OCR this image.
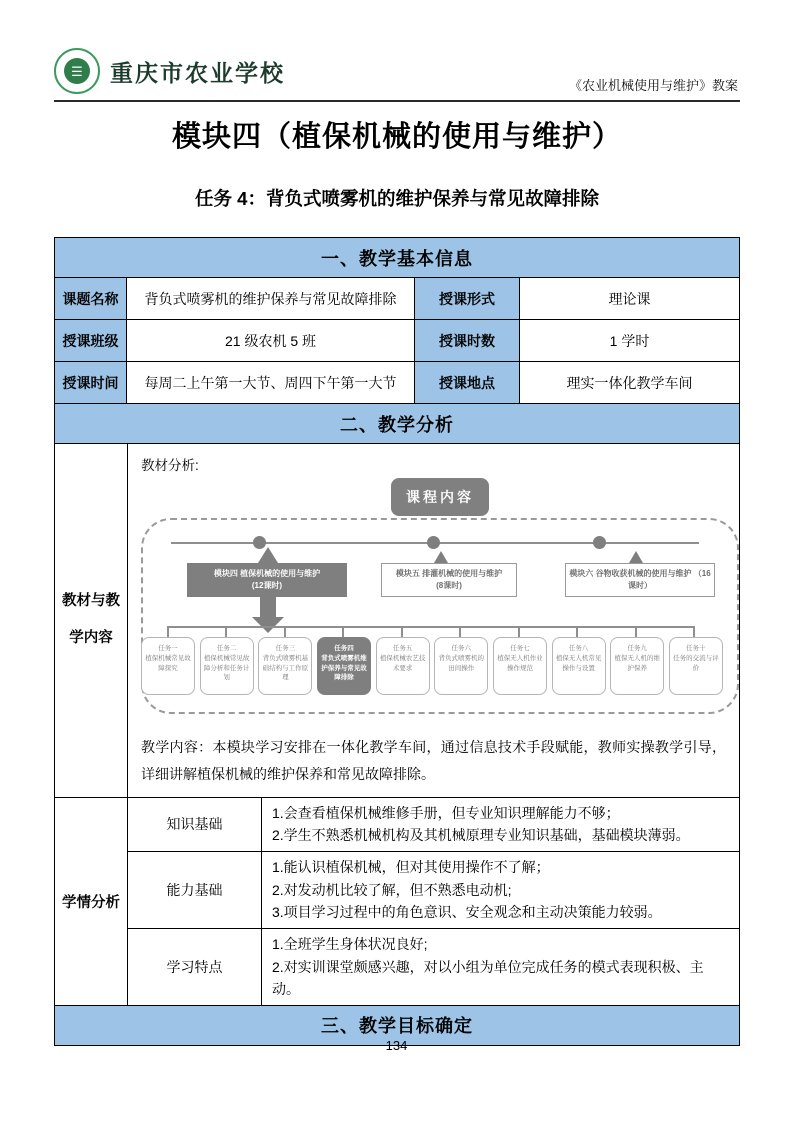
☰	重庆市农业学校	《农业机械使用与维护》教案
模块四（植保机械的使用与维护）
任务 4：背负式喷雾机的维护保养与常见故障排除
一、教学基本信息			
课题名称	背负式喷雾机的维护保养与常见故障排除	授课形式	理论课
授课班级	21 级农机 5 班	授课时数	1 学时
授课时间	每周二上午第一大节、周四下午第一大节	授课地点	理实一体化教学车间
二、教学分析

教材与教
学内容

教材分析:
课程内容
模块四 植保机械的使用与维护
(12课时)
模块五 排灌机械的使用与维护
(8课时)
模块六 谷物收获机械的使用与维护 （16课时）
任务一
植保机械常见故障探究
任务二
植保机械常见故障分析和任务计划
任务三
背负式喷雾机基础结构与工作原理
任务四
背负式喷雾机维护保养与常见故障排除
任务五
植保机械农艺技术要求
任务六
背负式喷雾机的田间操作
任务七
植保无人机作业操作规范
任务八
植保无人机常见操作与设置
任务九
植保无人机的维护保养
任务十
任务的交流与评价
教学内容：本模块学习安排在一体化教学车间，通过信息技术手段赋能，教师实操教学引导，详细讲解植保机械的维护保养和常见故障排除。
学情分析	知识基础	1.会查看植保机械维修手册，但专业知识理解能力不够；
2.学生不熟悉机械机构及其机械原理专业知识基础，基础模块薄弱。

	能力基础	1.能认识植保机械，但对其使用操作不了解；
2.对发动机比较了解，但不熟悉电动机;
3.项目学习过程中的角色意识、安全观念和主动决策能力较弱。

	学习特点	1.全班学生身体状况良好;
2.对实训课堂颇感兴趣，对以小组为单位完成任务的模式表现积极、主动。
三、教学目标确定
134
